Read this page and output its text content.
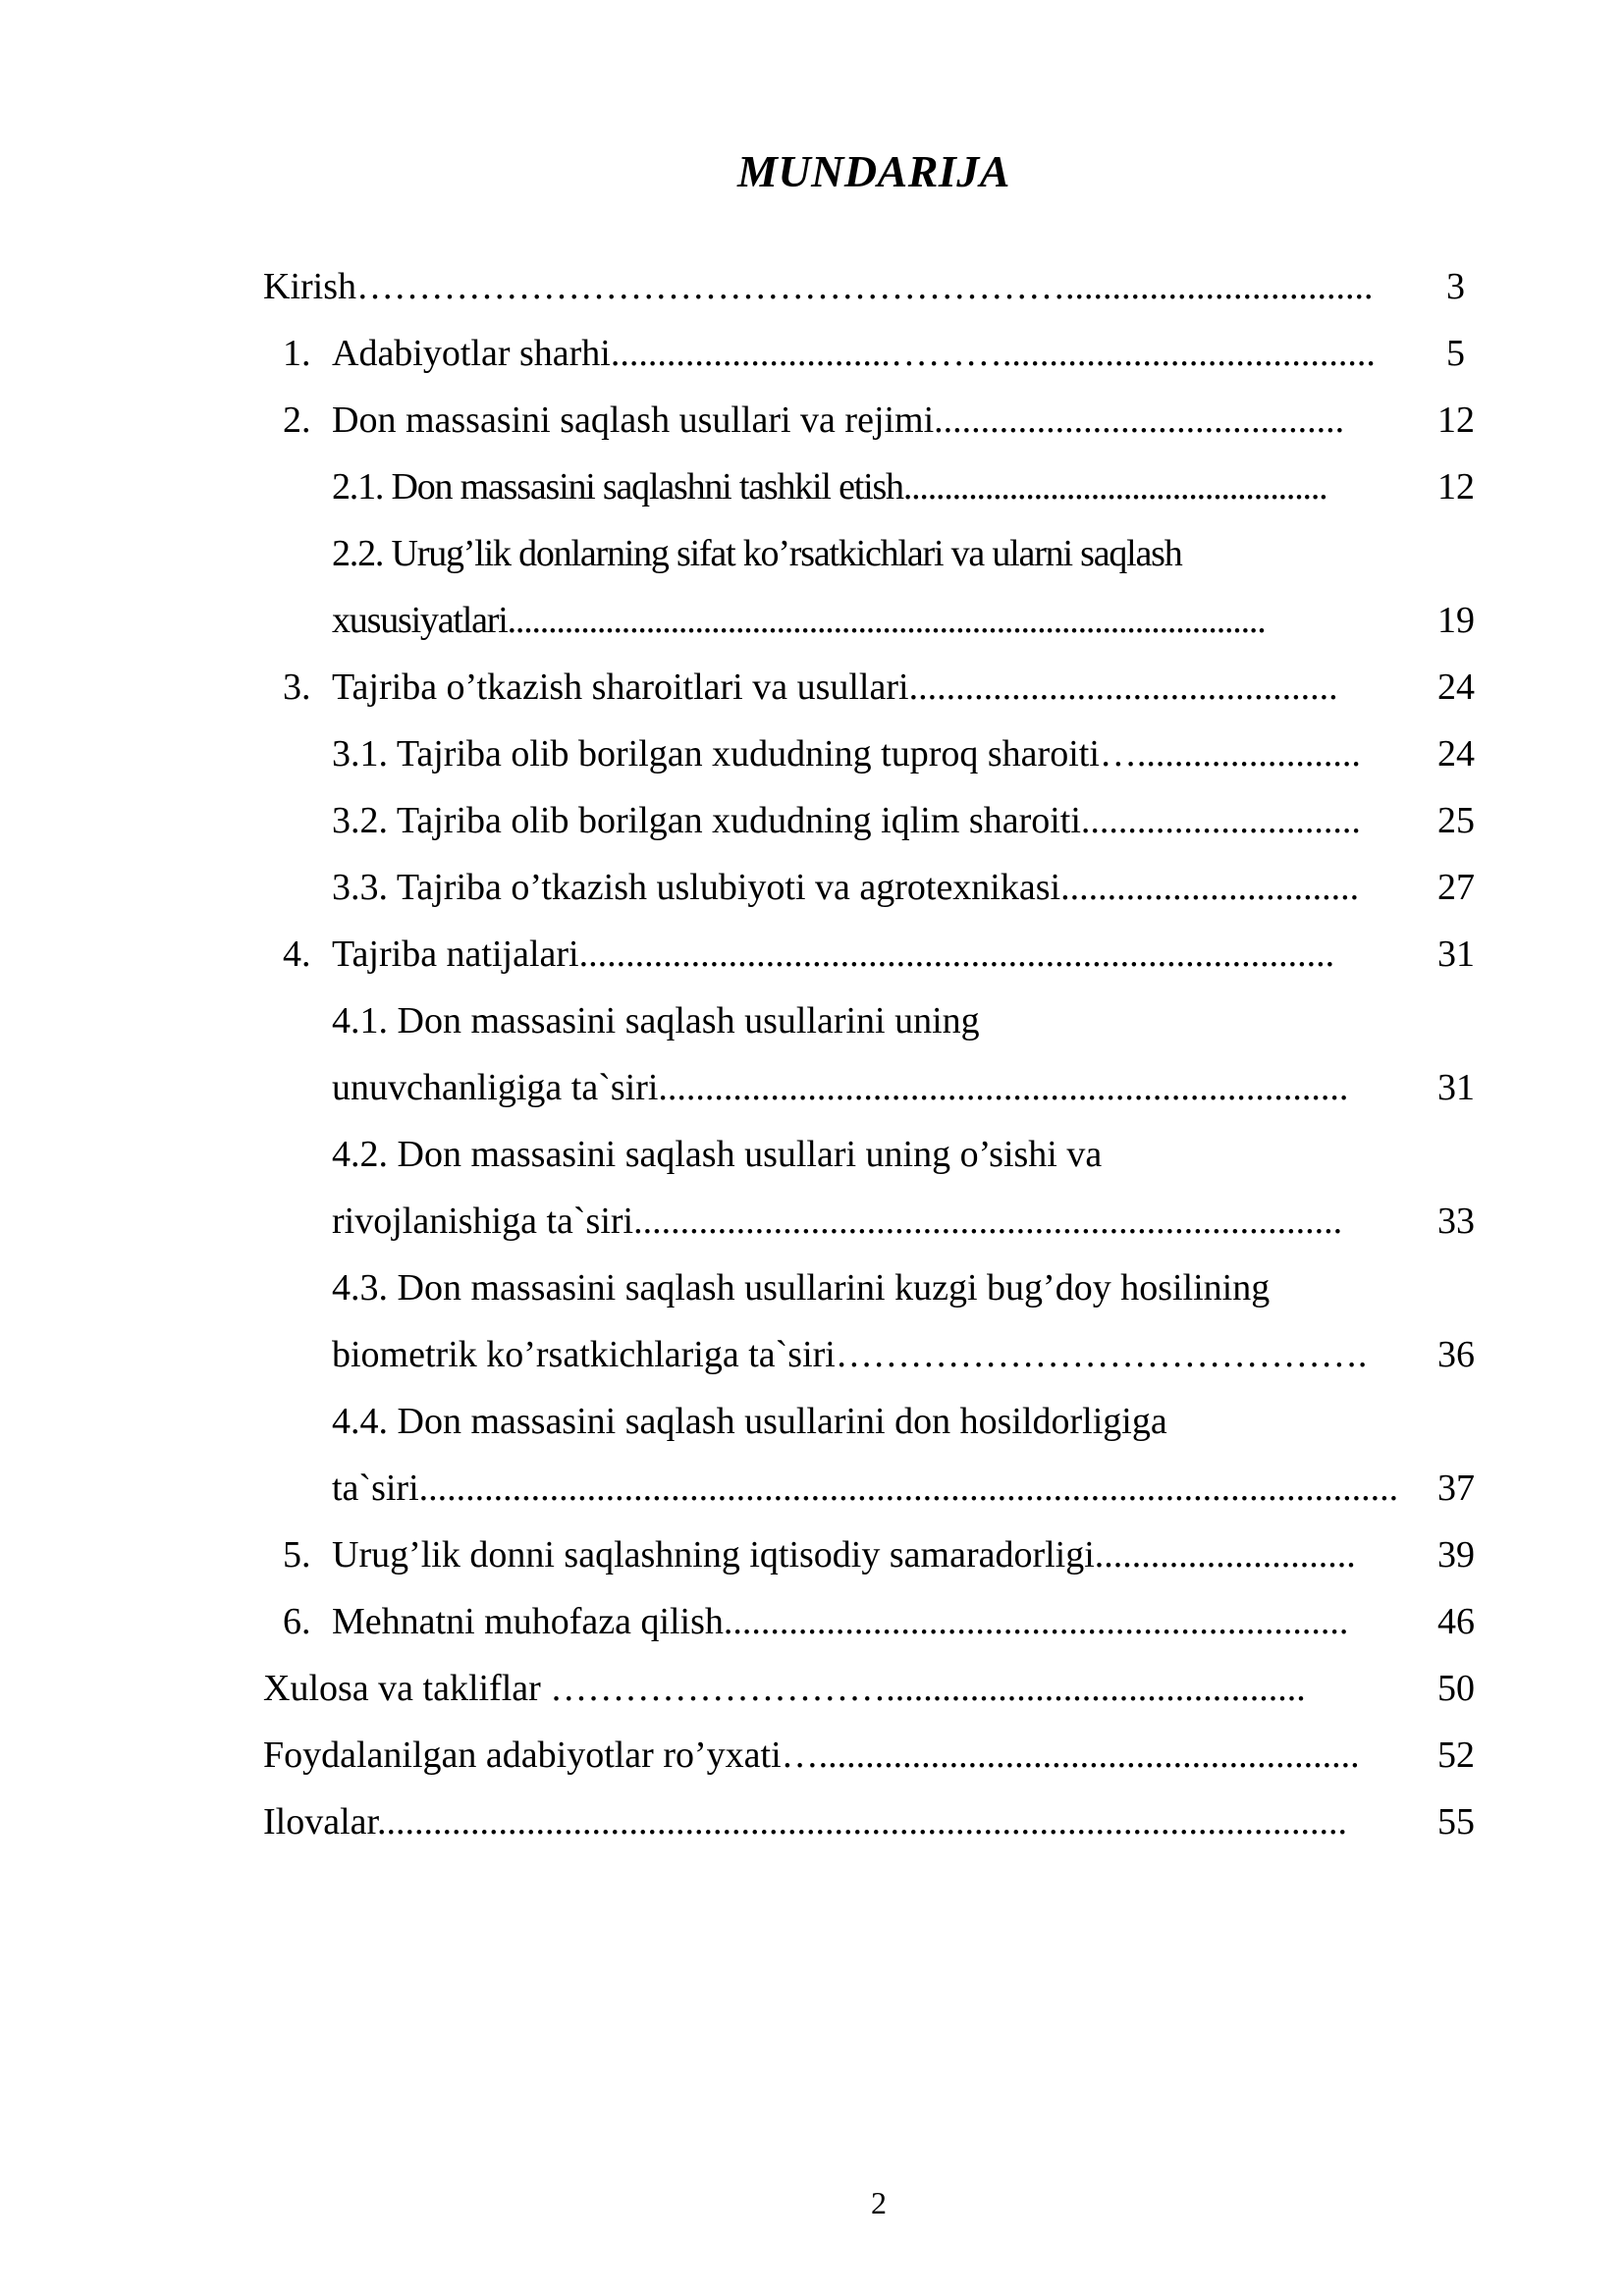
MUNDARIJA
Kirish…………………………………………………................................. 3
1. Adabiyotlar sharhi..............................………........................................ 5
2. Don massasini saqlash usullari va rejimi............................................ 12
2.1. Don massasini saqlashni tashkil etish....................................................	12
2.2. Urug’lik donlarning sifat ko’rsatkichlari va ularni saqlash
xususiyatlari.............................................................................................	19
3. Tajriba o’tkazish sharoitlari va usullari..............................................	24
3.1. Tajriba olib borilgan xududning tuproq sharoiti…........................ 24
3.2. Tajriba olib borilgan xududning iqlim sharoiti.............................. 25
3.3. Tajriba o’tkazish uslubiyoti va agrotexnikasi................................ 27
4. Tajriba natijalari.................................................................................	31
4.1. Don massasini saqlash usullarini uning
unuvchanligiga ta`siri.......................................................................... 31
4.2. Don massasini saqlash usullari uning o’sishi va
rivojlanishiga ta`siri............................................................................	33
4.3. Don massasini saqlash usullarini kuzgi bug’doy hosilining
biometrik ko’rsatkichlariga ta`siri……………………………………. 36
4.4. Don massasini saqlash usullarini don hosildorligiga
ta`siri......................................................................................................... 37
5. Urug’lik donni saqlashning iqtisodiy samaradorligi............................ 39
6. Mehnatni muhofaza qilish................................................................... 46
Xulosa va takliflar ……………………….............................................	50
Foydalanilgan adabiyotlar ro’yxati….......................................................... 52
Ilovalar........................................................................................................ 55
2
